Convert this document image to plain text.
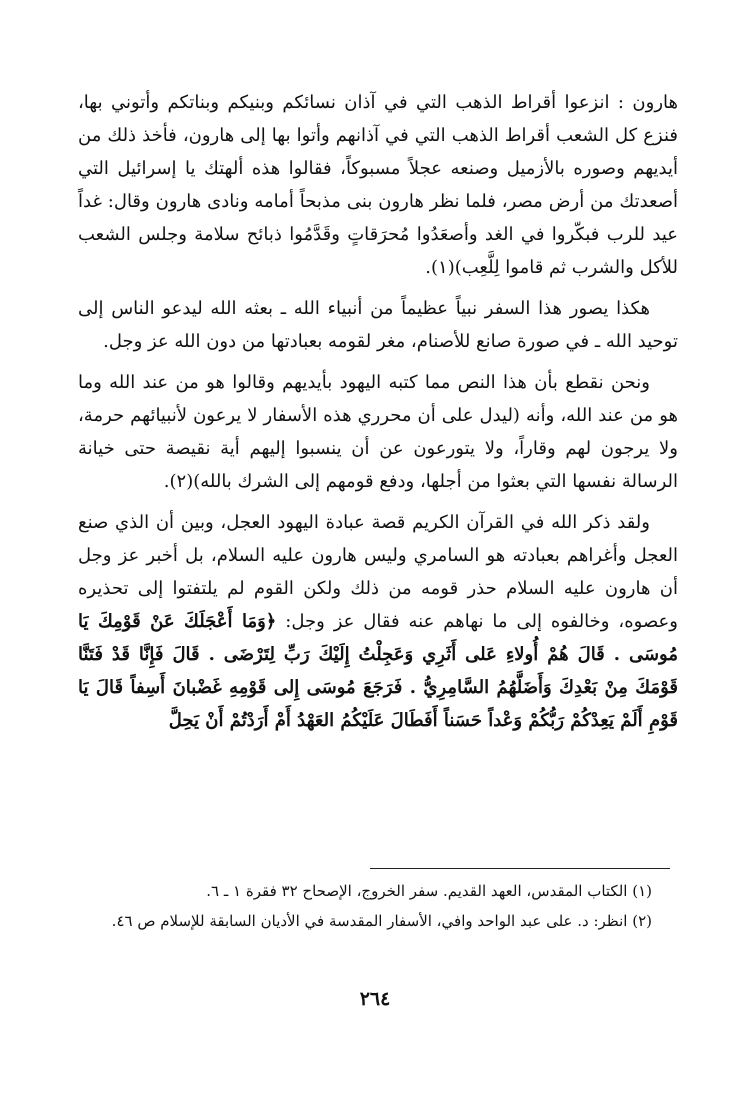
هارون : انزعوا أقراط الذهب التي في آذان نسائكم وبنيكم وبناتكم وأتوني بها، فنزع كل الشعب أقراط الذهب التي في آذانهم وأتوا بها إلى هارون، فأخذ ذلك من أيديهم وصوره بالأزميل وصنعه عجلاً مسبوكاً، فقالوا هذه ألهتك يا إسرائيل التي أصعدتك من أرض مصر، فلما نظر هارون بنى مذبحاً أمامه ونادى هارون وقال: غداً عيد للرب فبكّروا في الغد وأصعَدُوا مُحرَقاتٍ وقَدَّمُوا ذبائح سلامة وجلس الشعب للأكل والشرب ثم قاموا لِلَّعِب)(١).

هكذا يصور هذا السفر نبياً عظيماً من أنبياء الله ـ بعثه الله ليدعو الناس إلى توحيد الله ـ في صورة صانع للأصنام، مغر لقومه بعبادتها من دون الله عز وجل.

ونحن نقطع بأن هذا النص مما كتبه اليهود بأيديهم وقالوا هو من عند الله وما هو من عند الله، وأنه (ليدل على أن محرري هذه الأسفار لا يرعون لأنبيائهم حرمة، ولا يرجون لهم وقاراً، ولا يتورعون عن أن ينسبوا إليهم أية نقيصة حتى خيانة الرسالة نفسها التي بعثوا من أجلها، ودفع قومهم إلى الشرك بالله)(٢).

ولقد ذكر الله في القرآن الكريم قصة عبادة اليهود العجل، وبين أن الذي صنع العجل وأغراهم بعبادته هو السامري وليس هارون عليه السلام، بل أخبر عز وجل أن هارون عليه السلام حذر قومه من ذلك ولكن القوم لم يلتفتوا إلى تحذيره وعصوه، وخالفوه إلى ما نهاهم عنه فقال عز وجل: ﴿وَمَا أَعْجَلَكَ عَنْ قَوْمِكَ يَا مُوسَى . قَالَ هُمْ أُولاءِ عَلى أَثَرِي وَعَجِلْتُ إِلَيْكَ رَبِّ لِتَرْضَى . قَالَ فَإِنَّا قَدْ فَتَنَّا قَوْمَكَ مِنْ بَعْدِكَ وَأَضَلَّهُمُ السَّامِرِيُّ . فَرَجَعَ مُوسَى إِلى قَوْمِهِ غَضْبانَ أَسِفاً قَالَ يَا قَوْمِ أَلَمْ يَعِدْكُمْ رَبُّكُمْ وَعْداً حَسَناً أَفَطَالَ عَلَيْكُمُ العَهْدُ أَمْ أَرَدْتُمْ أَنْ يَحِلَّ

(١) الكتاب المقدس، العهد القديم. سفر الخروج، الإصحاح ٣٢ فقرة ١ ـ ٦.

(٢) انظر: د. على عبد الواحد وافي، الأسفار المقدسة في الأديان السابقة للإسلام ص ٤٦.

٢٦٤
